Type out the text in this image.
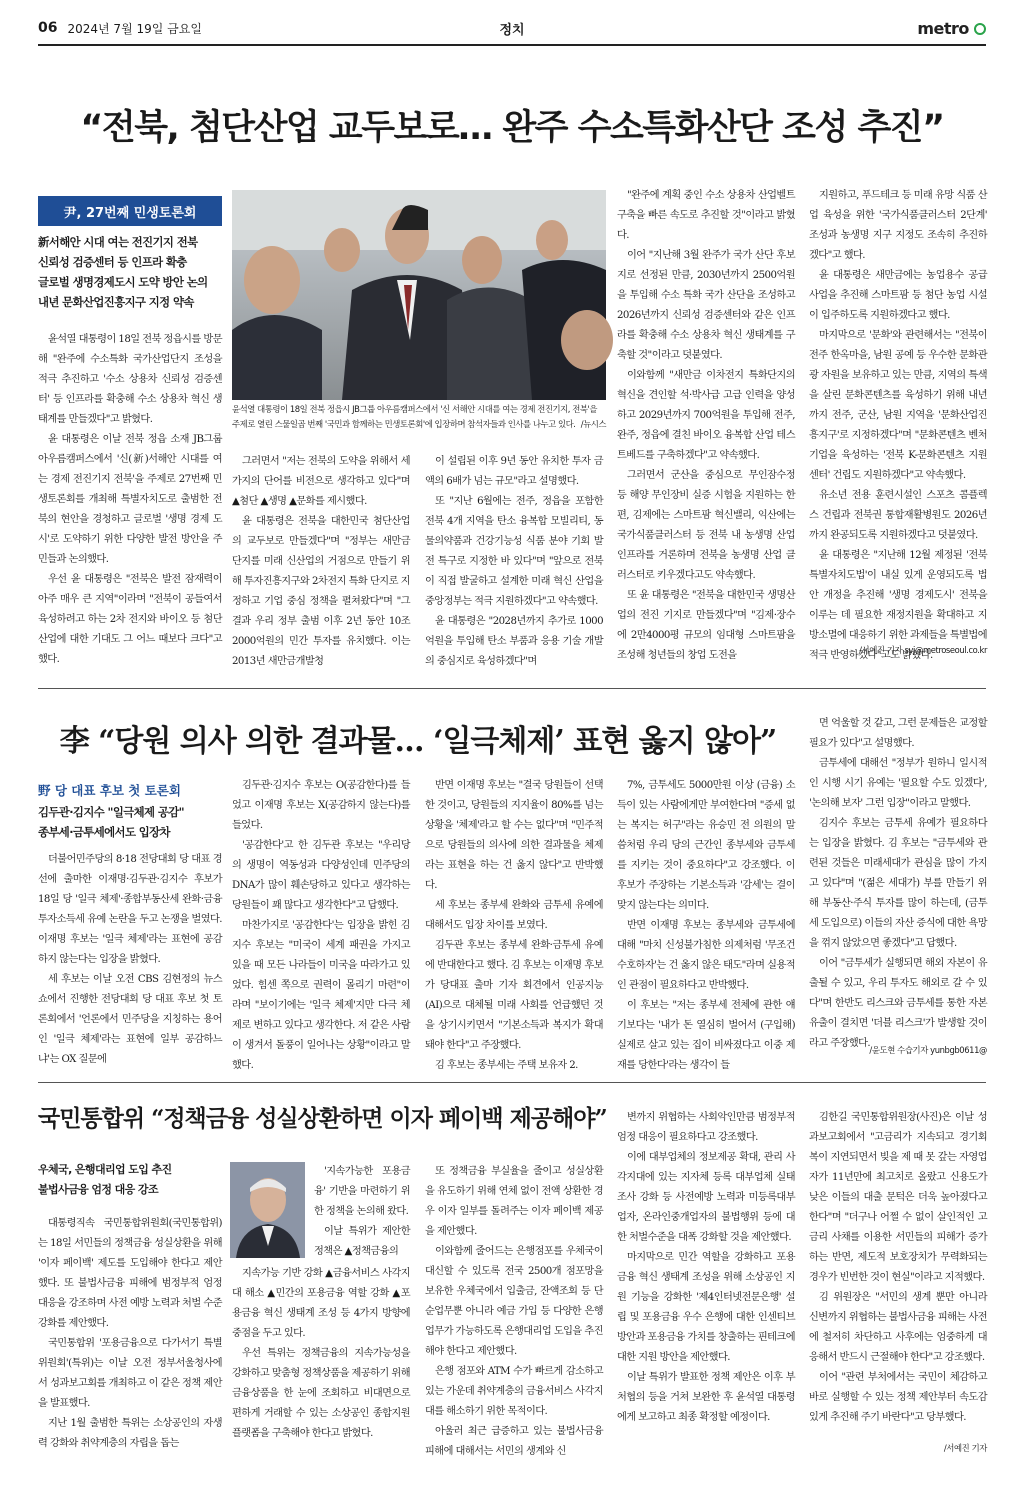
06 2024년 7월 19일 금요일	정치	metro
“전북, 첨단산업 교두보로… 완주 수소특화산단 조성 추진”
尹, 27번째 민생토론회
新서해안 시대 여는 전진기지 전북
신뢰성 검증센터 등 인프라 확충
글로벌 생명경제도시 도약 방안 논의
내년 문화산업진흥지구 지정 약속

윤석열 대통령이 18일 전북 정읍시를 방문해 "완주에 수소특화 국가산업단지 조성을 적극 추진하고 '수소 상용차 신뢰성 검증센터' 등 인프라를 확충해 수소 상용차 혁신 생태계를 만들겠다"고 밝혔다.

윤 대통령은 이날 전북 정읍 소재 JB그룹 아우름캠퍼스에서 '신(新)서해안 시대를 여는 경제 전진기지 전북'을 주제로 27번째 민생토론회를 개최해 특별자치도로 출범한 전북의 현안을 경청하고 글로벌 '생명 경제 도시'로 도약하기 위한 다양한 발전 방안을 주민들과 논의했다.

우선 윤 대통령은 "전북은 발전 잠재력이 아주 매우 큰 지역"이라며 "전북이 공들여서 육성하려고 하는 2차 전지와 바이오 등 첨단산업에 대한 기대도 그 어느 때보다 크다"고 했다.

윤석열 대통령이 18일 전북 정읍시 JB그룹 아우름캠퍼스에서 '신 서해안 시대를 여는 경제 전진기지, 전북'을 주제로 열린 스물일곱 번째 '국민과 함께하는 민생토론회'에 입장하며 참석자들과 인사를 나누고 있다. /뉴시스

그러면서 "저는 전북의 도약을 위해서 세 가지의 단어를 비전으로 생각하고 있다"며 ▲첨단 ▲생명 ▲문화를 제시했다.

윤 대통령은 전북을 대한민국 첨단산업의 교두보로 만들겠다"며 "정부는 새만금 단지를 미래 신산업의 거점으로 만들기 위해 투자진흥지구와 2차전지 특화 단지로 지정하고 기업 중심 정책을 펼쳐왔다"며 "그 결과 우리 정부 출범 이후 2년 동안 10조2000억원의 민간 투자를 유치했다. 이는 2013년 새만금개발청

이 설립된 이후 9년 동안 유치한 투자 금액의 6배가 넘는 규모"라고 설명했다.

또 "지난 6월에는 전주, 정읍을 포함한 전북 4개 지역을 탄소 융복합 모빌리티, 동물의약품과 건강기능성 식품 분야 기회 발전 특구로 지정한 바 있다"며 "앞으로 전북이 직접 발굴하고 설계한 미래 혁신 산업을 중앙정부는 적극 지원하겠다"고 약속했다.

윤 대통령은 "2028년까지 추가로 1000억원을 투입해 탄소 부품과 응용 기술 개발의 중심지로 육성하겠다"며

"완주에 계획 중인 수소 상용차 산업벨트 구축을 빠른 속도로 추진할 것"이라고 밝혔다.

이어 "지난해 3월 완주가 국가 산단 후보지로 선정된 만큼, 2030년까지 2500억원을 투입해 수소 특화 국가 산단을 조성하고 2026년까지 신뢰성 검증센터와 같은 인프라를 확충해 수소 상용차 혁신 생태계를 구축할 것"이라고 덧붙였다.

이와함께 "새만금 이차전지 특화단지의 혁신을 견인할 석·박사급 고급 인력을 양성하고 2029년까지 700억원을 투입해 전주, 완주, 정읍에 결친 바이오 융복합 산업 테스트베드를 구축하겠다"고 약속했다.

그러면서 군산을 중심으로 무인잠수정 등 해양 무인장비 실증 시험을 지원하는 한편, 김제에는 스마트팜 혁신밸리, 익산에는 국가식품클러스터 등 전북 내 농생명 산업 인프라를 거론하며 전북을 농생명 산업 클러스터로 키우겠다고도 약속했다.

또 윤 대통령은 "전북을 대한민국 생명산업의 전진 기지로 만들겠다"며 "김제·장수에 2만4000평 규모의 임대형 스마트팜을 조성해 청년들의 창업 도전을

지원하고, 푸드테크 등 미래 유망 식품 산업 육성을 위한 '국가식품클러스터 2단계' 조성과 농생명 지구 지정도 조속히 추진하겠다"고 했다.

윤 대통령은 새만금에는 농업용수 공급사업을 추진해 스마트팜 등 첨단 농업 시설이 입주하도록 지원하겠다고 했다.

마지막으로 '문화'와 관련해서는 "전북이 전주 한옥마을, 남원 공예 등 우수한 문화관광 자원을 보유하고 있는 만큼, 지역의 특색을 살린 문화콘텐츠를 육성하기 위해 내년까지 전주, 군산, 남원 지역을 '문화산업진흥지구'로 지정하겠다"며 "문화콘텐츠 벤처기업을 육성하는 '전북 K-문화콘텐츠 지원센터' 건립도 지원하겠다"고 약속했다.

유소년 전용 훈련시설인 스포츠 콤플렉스 건립과 전북권 통합재활병원도 2026년까지 완공되도록 지원하겠다고 덧붙였다.

윤 대통령은 "지난해 12월 제정된 '전북특별자치도법'이 내실 있게 운영되도록 법안 개정을 추진해 '생명 경제도시' 전북을 이루는 데 필요한 재정지원을 확대하고 지방소멸에 대응하기 위한 과제들을 특별법에 적극 반영하겠다"고도 밝혔다.

/서예진 기자 syj@metroseoul.co.kr
李 “당원 의사 의한 결과물… ‘일극체제’ 표현 옳지 않아”
野 당 대표 후보 첫 토론회
김두관·김지수 "일극체제 공감"
종부세·금투세에서도 입장차

더불어민주당의 8·18 전당대회 당 대표 경선에 출마한 이재명·김두관·김지수 후보가 18일 당 '일극 체제'·종합부동산세 완화·금융투자소득세 유예 논란을 두고 논쟁을 벌였다. 이재명 후보는 '일극 체제'라는 표현에 공감하지 않는다는 입장을 밝혔다.

세 후보는 이날 오전 CBS 김현정의 뉴스쇼에서 진행한 전당대회 당 대표 후보 첫 토론회에서 '언론에서 민주당을 지칭하는 용어인 '일극 체제'라는 표현에 일부 공감하느냐'는 OX 질문에

김두관·김지수 후보는 O(공감한다)를 들었고 이재명 후보는 X(공감하지 않는다)를 들었다.

'공감한다'고 한 김두관 후보는 "우리당의 생명이 역동성과 다양성인데 민주당의 DNA가 많이 훼손당하고 있다고 생각하는 당원들이 꽤 많다고 생각한다"고 답했다.

마찬가지로 '공감한다'는 입장을 밝힌 김지수 후보는 "미국이 세계 패권을 가지고 있을 때 모든 나라들이 미국을 따라가고 있었다. 힘센 쪽으로 권력이 몰리기 마련"이라며 "보이기에는 '일극 체제'지만 다극 체제로 변하고 있다고 생각한다. 저 같은 사람이 생겨서 돌풍이 일어나는 상황"이라고 말했다.

반면 이재명 후보는 "결국 당원들이 선택한 것이고, 당원들의 지지율이 80%를 넘는 상황을 '체제'라고 할 수는 없다"며 "민주적으로 당원들의 의사에 의한 결과물을 체제라는 표현을 하는 건 옳지 않다"고 반박했다.

세 후보는 종부세 완화와 금투세 유예에 대해서도 입장 차이를 보였다.

김두관 후보는 종부세 완화·금투세 유예에 반대한다고 했다. 김 후보는 이재명 후보가 당대표 출마 기자 회견에서 인공지능(AI)으로 대체될 미래 사회를 언급했던 것을 상기시키면서 "기본소득과 복지가 확대돼야 한다"고 주장했다.

김 후보는 종부세는 주택 보유자 2.

7%, 금투세도 5000만원 이상 (금융) 소득이 있는 사람에게만 부여한다며 "증세 없는 복지는 허구"라는 유승민 전 의원의 말씀처럼 우리 당의 근간인 종부세와 금투세를 지키는 것이 중요하다"고 강조했다. 이 후보가 주장하는 기본소득과 '감세'는 결이 맞지 않는다는 의미다.

반면 이재명 후보는 종부세와 금투세에 대해 "마치 신성불가침한 의제처럼 '무조건 수호하자'는 건 옳지 않은 태도"라며 실용적인 관점이 필요하다고 반박했다.

이 후보는 "저는 종부세 전체에 관한 얘기보다는 '내가 돈 열심히 벌어서 (구입해) 실제로 살고 있는 집이 비싸졌다고 이중 제재를 당한다'라는 생각이 들

면 억울할 것 같고, 그런 문제들은 교정할 필요가 있다"고 설명했다.

금투세에 대해선 "정부가 원하니 일시적인 시행 시기 유예는 '필요할 수도 있겠다', '논의해 보자' 그런 입장"이라고 말했다.

김지수 후보는 금투세 유예가 필요하다는 입장을 밝혔다. 김 후보는 "금투세와 관련된 것들은 미래세대가 관심을 많이 가지고 있다"며 "(젊은 세대가) 부를 만들기 위해 부동산·주식 투자를 많이 하는데, (금투세 도입으로) 이들의 자산 증식에 대한 욕망을 꺾지 않았으면 좋겠다"고 답했다.

이어 "금투세가 실행되면 해외 자본이 유출될 수 있고, 우리 투자도 해외로 갈 수 있다"며 한반도 리스크와 금투세를 통한 자본 유출이 결치면 '더블 리스크'가 발생할 것이라고 주장했다.

/윤도현 수습기자 yunbgb0611@
국민통합위 “정책금융 성실상환하면 이자 페이백 제공해야”
우체국, 은행대리업 도입 추진
불법사금융 엄정 대응 강조

대통령직속 국민통합위원회(국민통합위)는 18일 서민들의 정책금융 성실상환을 위해 '이자 페이백' 제도를 도입해야 한다고 제안했다. 또 불법사금융 피해에 범정부적 엄정 대응을 강조하며 사전 예방 노력과 처벌 수준 강화를 제안했다.

국민통합위 '포용금융으로 다가서기 특별위원회'(특위)는 이날 오전 정부서울청사에서 성과보고회를 개최하고 이 같은 정책 제안을 발표했다.

지난 1월 출범한 특위는 소상공인의 자생력 강화와 취약계층의 자립을 돕는

'지속가능한 포용금융' 기반을 마련하기 위한 정책을 논의해 왔다.

이날 특위가 제안한 정책은 ▲정책금융의

지속가능 기반 강화 ▲금융서비스 사각지대 해소 ▲민간의 포용금융 역할 강화 ▲포용금융 혁신 생태계 조성 등 4가지 방향에 중점을 두고 있다.

우선 특위는 정책금융의 지속가능성을 강화하고 맞춤형 정책상품을 제공하기 위해 금융상품을 한 눈에 조회하고 비대면으로 편하게 거래할 수 있는 소상공인 종합지원 플랫폼을 구축해야 한다고 밝혔다.

또 정책금융 부실율을 줄이고 성실상환을 유도하기 위해 연체 없이 전액 상환한 경우 이자 일부를 돌려주는 이자 페이백 제공을 제안했다.

이와함께 줄어드는 은행점포를 우체국이 대신할 수 있도록 전국 2500개 점포망을 보유한 우체국에서 입출금, 잔액조회 등 단순업무뿐 아니라 예금 가입 등 다양한 은행업무가 가능하도록 은행대리업 도입을 추진해야 한다고 제안했다.

은행 점포와 ATM 수가 빠르게 감소하고 있는 가운데 취약계층의 금융서비스 사각지대를 해소하기 위한 목적이다.

아울러 최근 급증하고 있는 불법사금융 피해에 대해서는 서민의 생계와 신

변까지 위협하는 사회악인만큼 범정부적 엄정 대응이 필요하다고 강조했다.

이에 대부업체의 정보제공 확대, 관리 사각지대에 있는 지자체 등록 대부업체 실태조사 강화 등 사전예방 노력과 미등록대부업자, 온라인중개업자의 불법행위 등에 대한 처벌수준을 대폭 강화할 것을 제안했다.

마지막으로 민간 역할을 강화하고 포용금융 혁신 생태계 조성을 위해 소상공인 지원 기능을 강화한 '제4인터넷전문은행' 설립 및 포용금융 우수 은행에 대한 인센티브 방안과 포용금융 가치를 창출하는 핀테크에 대한 지원 방안을 제안했다.

이날 특위가 발표한 정책 제안은 이후 부처협의 등을 거쳐 보완한 후 윤석열 대통령에게 보고하고 최종 확정할 예정이다.

김한길 국민통합위원장(사진)은 이날 성과보고회에서 "고금리가 지속되고 경기회복이 지연되면서 빚을 제 때 못 갚는 자영업자가 11년만에 최고치로 올랐고 신용도가 낮은 이들의 대출 문턱은 더욱 높아졌다고 한다"며 "더구나 어쩔 수 없이 살인적인 고금리 사채를 이용한 서민들의 피해가 증가하는 반면, 제도적 보호장치가 무력화되는 경우가 빈번한 것이 현실"이라고 지적했다.

김 위원장은 "서민의 생계 뿐만 아니라 신변까지 위협하는 불법사금융 피해는 사전에 철저히 차단하고 사후에는 엄중하게 대응해서 반드시 근절해야 한다"고 강조했다.

이어 "관련 부처에서는 국민이 체감하고 바로 실행할 수 있는 정책 제안부터 속도감 있게 추진해 주기 바란다"고 당부했다.

/서예진 기자
